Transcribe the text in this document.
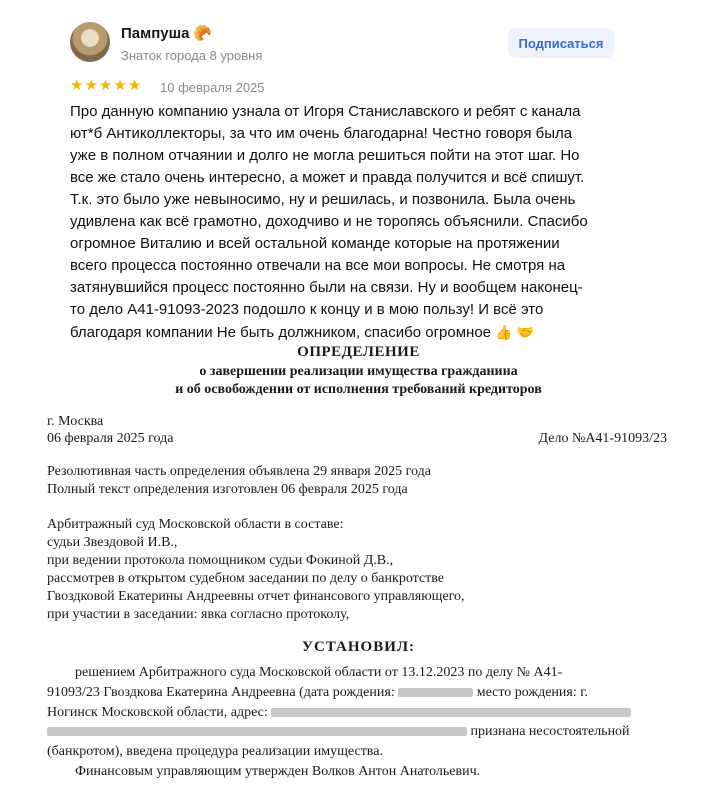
Пампуша 🥐
Знаток города 8 уровня
Подписаться
★ ★ ★ ★ ★ 10 февраля 2025
Про данную компанию узнала от Игоря Станиславского и ребят с канала
ют*б Антиколлекторы, за что им очень благодарна! Честно говоря была
уже в полном отчаянии и долго не могла решиться пойти на этот шаг. Но
все же стало очень интересно, а может и правда получится и всё спишут.
Т.к. это было уже невыносимо, ну и решилась, и позвонила. Была очень
удивлена как всё грамотно, доходчиво и не торопясь объяснили. Спасибо
огромное Виталию и всей остальной команде которые на протяжении
всего процесса постоянно отвечали на все мои вопросы. Не смотря на
затянувшийся процесс постоянно были на связи. Ну и вообщем наконец-
то дело А41-91093-2023 подошло к концу и в мою пользу! И всё это
благодаря компании Не быть должником, спасибо огромное 👍 🤝
ОПРЕДЕЛЕНИЕ
о завершении реализации имущества гражданина
и об освобождении от исполнения требований кредиторов
г. Москва
06 февраля 2025 года	Дело №А41-91093/23
Резолютивная часть определения объявлена 29 января 2025 года
Полный текст определения изготовлен 06 февраля 2025 года
Арбитражный суд Московской области в составе:
судьи Звездовой И.В.,
при ведении протокола помощником судьи Фокиной Д.В.,
рассмотрев в открытом судебном заседании по делу о банкротстве
Гвоздковой Екатерины Андреевны отчет финансового управляющего,
при участии в заседании: явка согласно протоколу,
УСТАНОВИЛ:
решением Арбитражного суда Московской области от 13.12.2023 по делу № А41-
91093/23 Гвоздкова Екатерина Андреевна (дата рождения:	место рождения: г.
Ногинск Московской области, адрес:
признана несостоятельной
(банкротом), введена процедура реализации имущества.
Финансовым управляющим утвержден Волков Антон Анатольевич.
